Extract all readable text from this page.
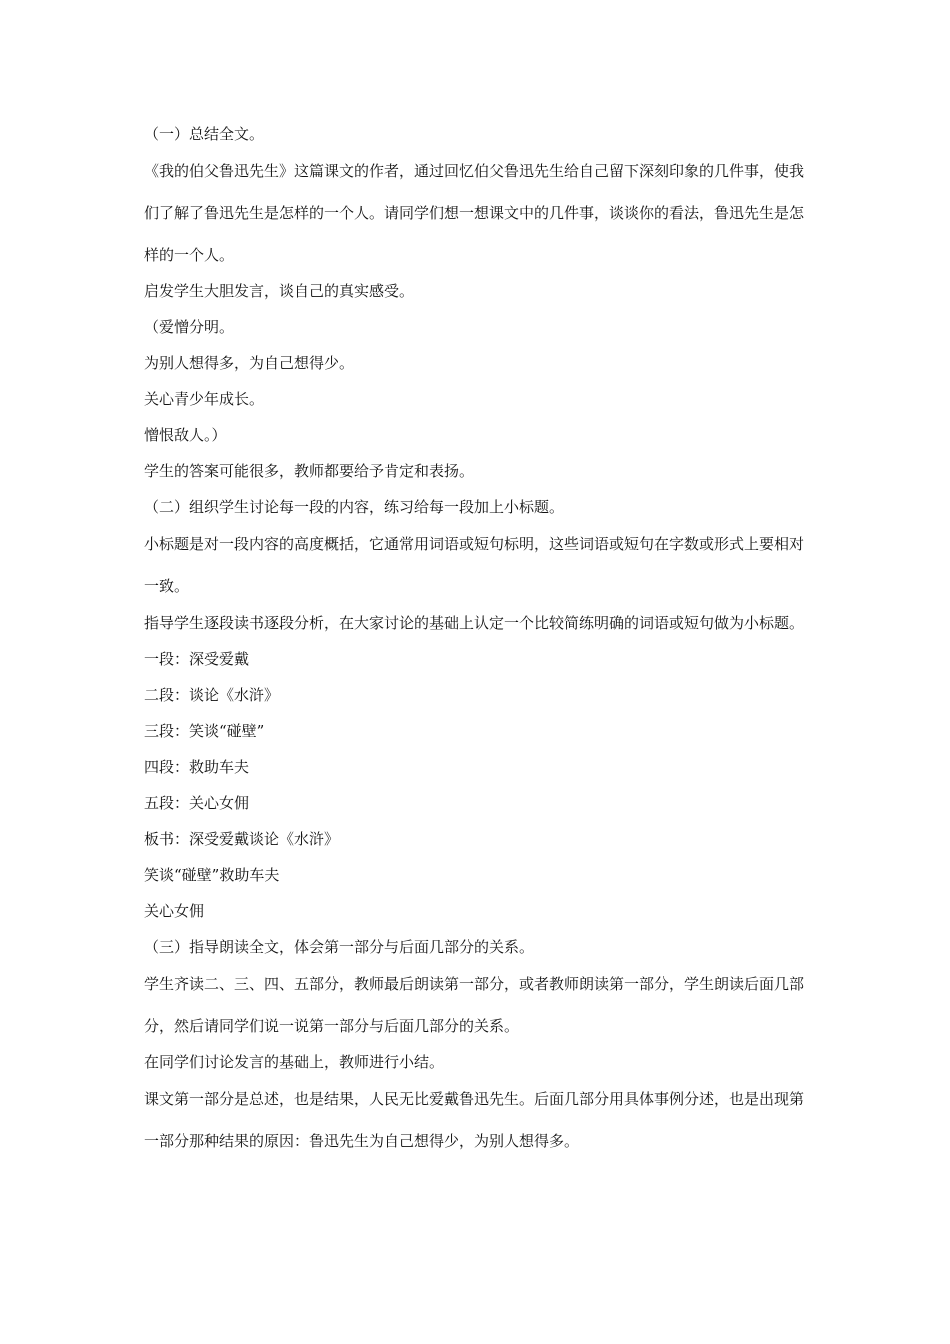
（一）总结全文。

《我的伯父鲁迅先生》这篇课文的作者，通过回忆伯父鲁迅先生给自己留下深刻印象的几件事，使我们了解了鲁迅先生是怎样的一个人。请同学们想一想课文中的几件事，谈谈你的看法，鲁迅先生是怎样的一个人。

启发学生大胆发言，谈自己的真实感受。

（爱憎分明。

为别人想得多，为自己想得少。

关心青少年成长。

憎恨敌人。）

学生的答案可能很多，教师都要给予肯定和表扬。

（二）组织学生讨论每一段的内容，练习给每一段加上小标题。

小标题是对一段内容的高度概括，它通常用词语或短句标明，这些词语或短句在字数或形式上要相对一致。

指导学生逐段读书逐段分析，在大家讨论的基础上认定一个比较简练明确的词语或短句做为小标题。

一段：深受爱戴

二段：谈论《水浒》

三段：笑谈“碰壁”

四段：救助车夫

五段：关心女佣

板书：深受爱戴谈论《水浒》

笑谈“碰壁”救助车夫

关心女佣

（三）指导朗读全文，体会第一部分与后面几部分的关系。

学生齐读二、三、四、五部分，教师最后朗读第一部分，或者教师朗读第一部分，学生朗读后面几部分，然后请同学们说一说第一部分与后面几部分的关系。

在同学们讨论发言的基础上，教师进行小结。

课文第一部分是总述，也是结果，人民无比爱戴鲁迅先生。后面几部分用具体事例分述，也是出现第一部分那种结果的原因：鲁迅先生为自己想得少，为别人想得多。
